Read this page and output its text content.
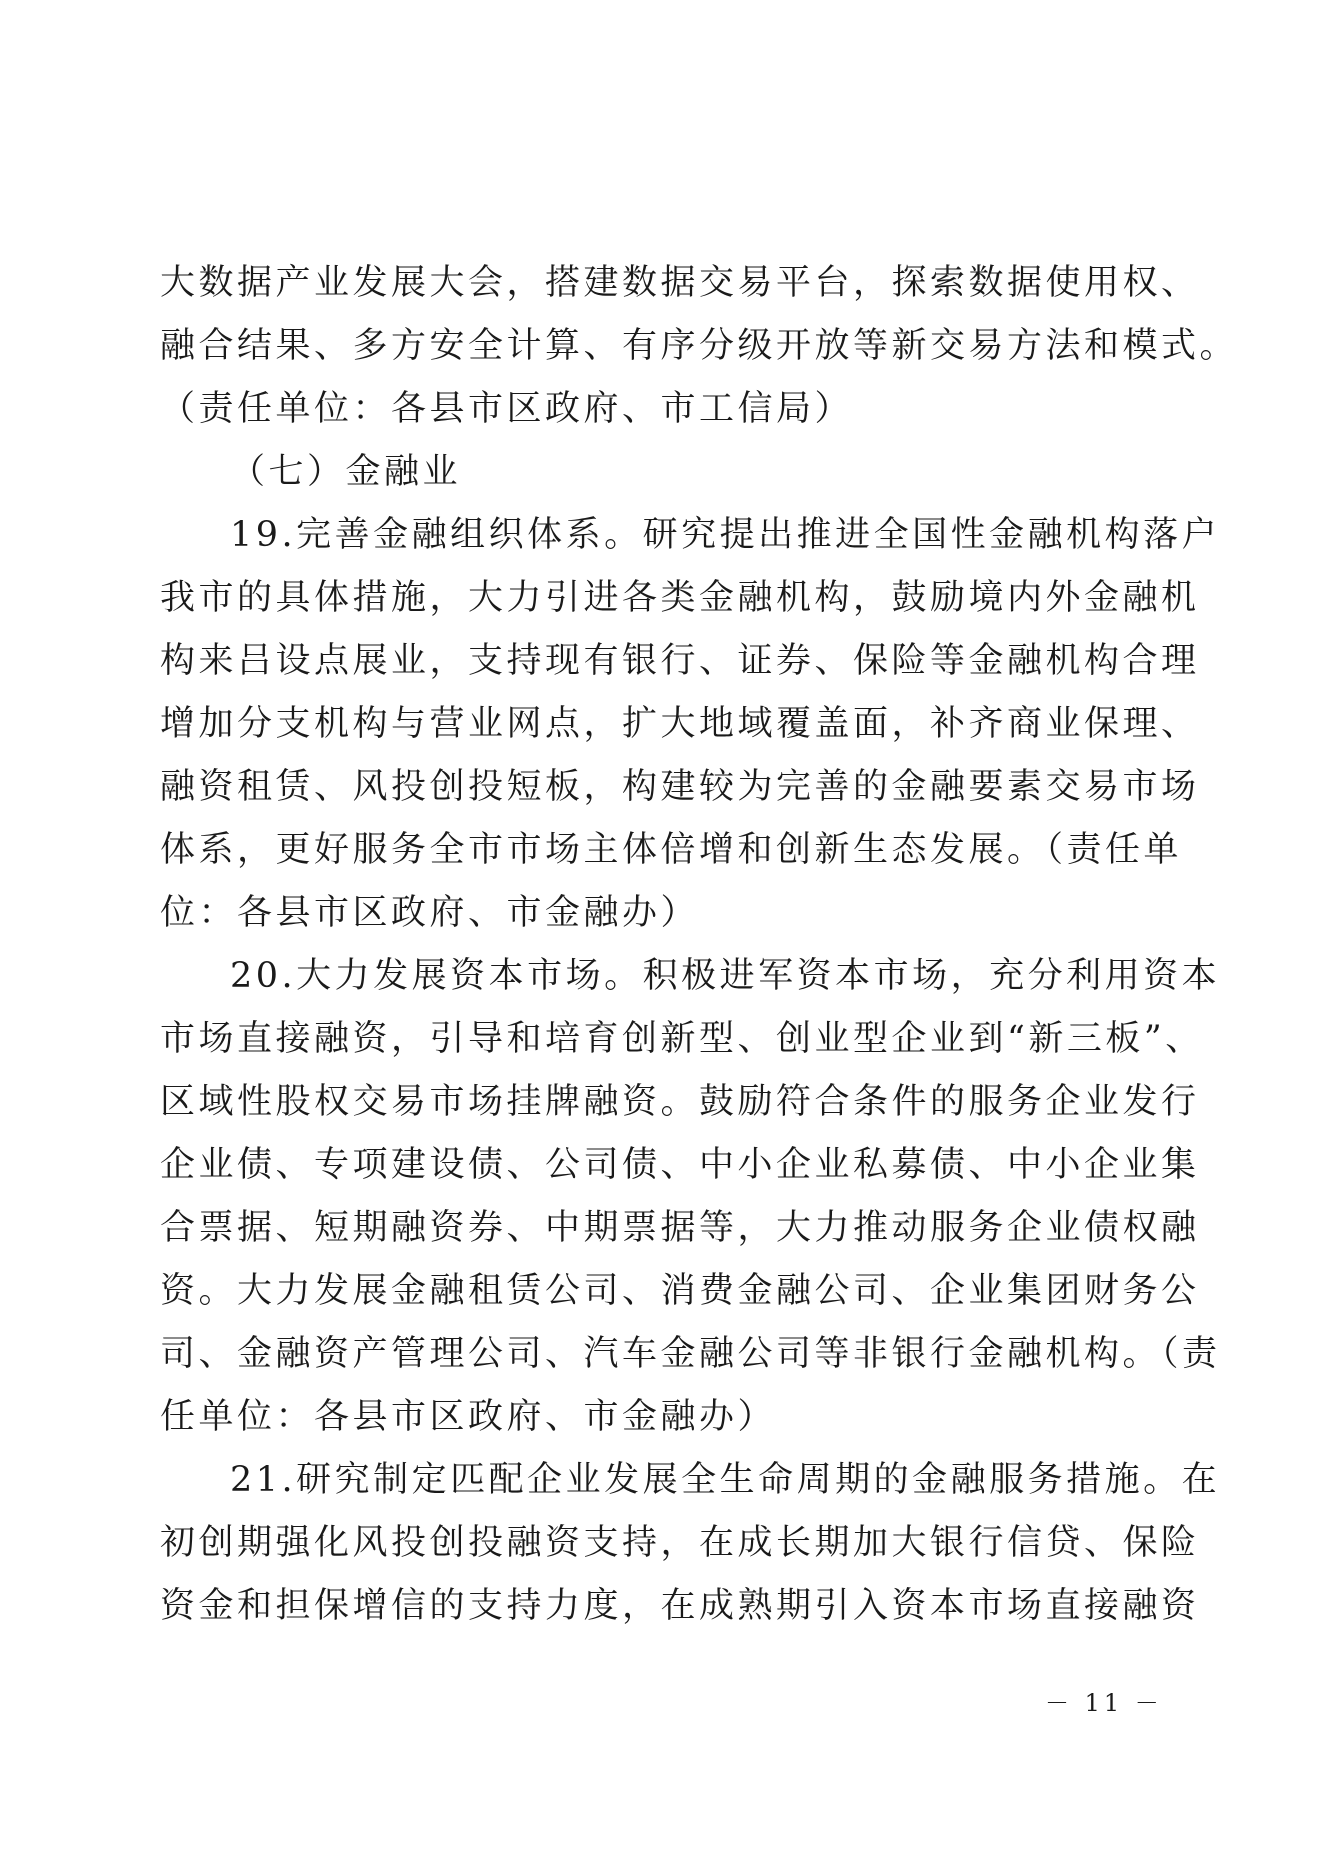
大数据产业发展大会，搭建数据交易平台，探索数据使用权、
融合结果、多方安全计算、有序分级开放等新交易方法和模式。
（责任单位：各县市区政府、市工信局）
（七）金融业
19.完善金融组织体系。研究提出推进全国性金融机构落户
我市的具体措施，大力引进各类金融机构，鼓励境内外金融机
构来吕设点展业，支持现有银行、证券、保险等金融机构合理
增加分支机构与营业网点，扩大地域覆盖面，补齐商业保理、
融资租赁、风投创投短板，构建较为完善的金融要素交易市场
体系，更好服务全市市场主体倍增和创新生态发展。（责任单
位：各县市区政府、市金融办）
20.大力发展资本市场。积极进军资本市场，充分利用资本
市场直接融资，引导和培育创新型、创业型企业到“新三板”、
区域性股权交易市场挂牌融资。鼓励符合条件的服务企业发行
企业债、专项建设债、公司债、中小企业私募债、中小企业集
合票据、短期融资券、中期票据等，大力推动服务企业债权融
资。大力发展金融租赁公司、消费金融公司、企业集团财务公
司、金融资产管理公司、汽车金融公司等非银行金融机构。（责
任单位：各县市区政府、市金融办）
21.研究制定匹配企业发展全生命周期的金融服务措施。在
初创期强化风投创投融资支持，在成长期加大银行信贷、保险
资金和担保增信的支持力度，在成熟期引入资本市场直接融资
－ 11 －
